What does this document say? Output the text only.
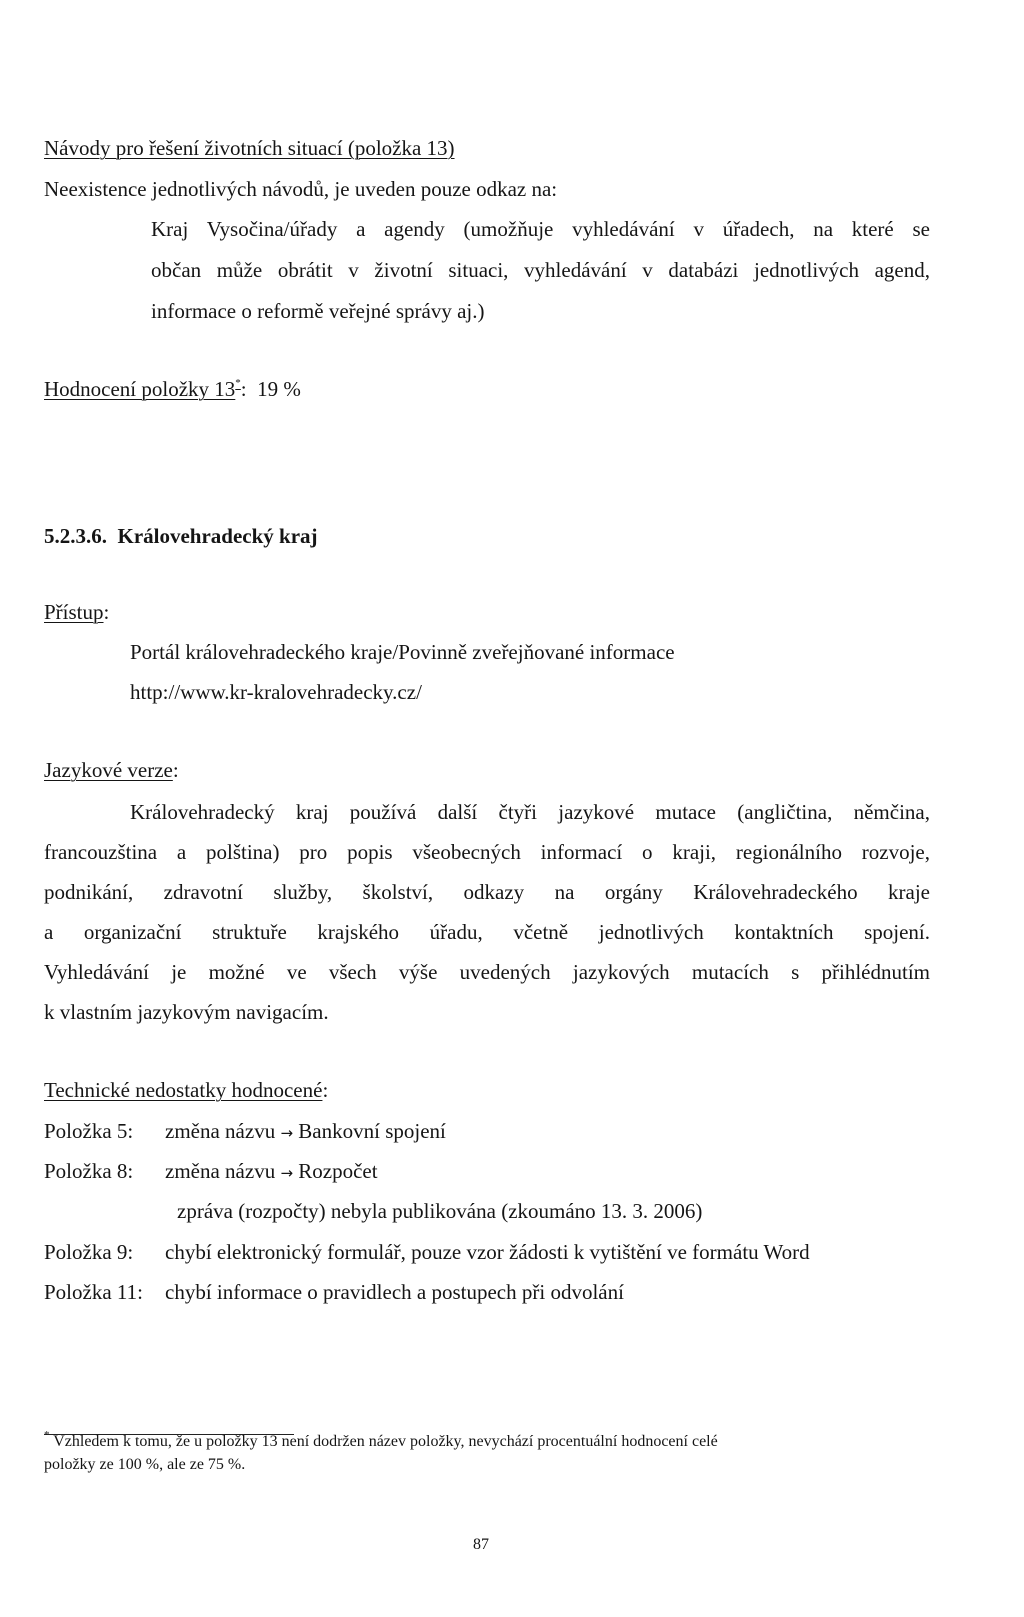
Návody pro řešení životních situací (položka 13)
Neexistence jednotlivých návodů, je uveden pouze odkaz na:
Kraj Vysočina/úřady a agendy (umožňuje vyhledávání v úřadech, na které se
občan může obrátit v životní situaci, vyhledávání v databázi jednotlivých agend,
informace o reformě veřejné správy aj.)
Hodnocení položky 13*: 19 %
5.2.3.6. Královehradecký kraj
Přístup:
Portál královehradeckého kraje/Povinně zveřejňované informace
http://www.kr-kralovehradecky.cz/
Jazykové verze:
Královehradecký kraj používá další čtyři jazykové mutace (angličtina, němčina,
francouzština a polština) pro popis všeobecných informací o kraji, regionálního rozvoje,
podnikání, zdravotní služby, školství, odkazy na orgány Královehradeckého kraje
a organizační struktuře krajského úřadu, včetně jednotlivých kontaktních spojení.
Vyhledávání je možné ve všech výše uvedených jazykových mutacích s přihlédnutím
k vlastním jazykovým navigacím.
Technické nedostatky hodnocené:
Položka 5: změna názvu → Bankovní spojení
Položka 8: změna názvu → Rozpočet
zpráva (rozpočty) nebyla publikována (zkoumáno 13. 3. 2006)
Položka 9: chybí elektronický formulář, pouze vzor žádosti k vytištění ve formátu Word
Položka 11: chybí informace o pravidlech a postupech při odvolání
* Vzhledem k tomu, že u položky 13 není dodržen název položky, nevychází procentuální hodnocení celé
položky ze 100 %, ale ze 75 %.
87
